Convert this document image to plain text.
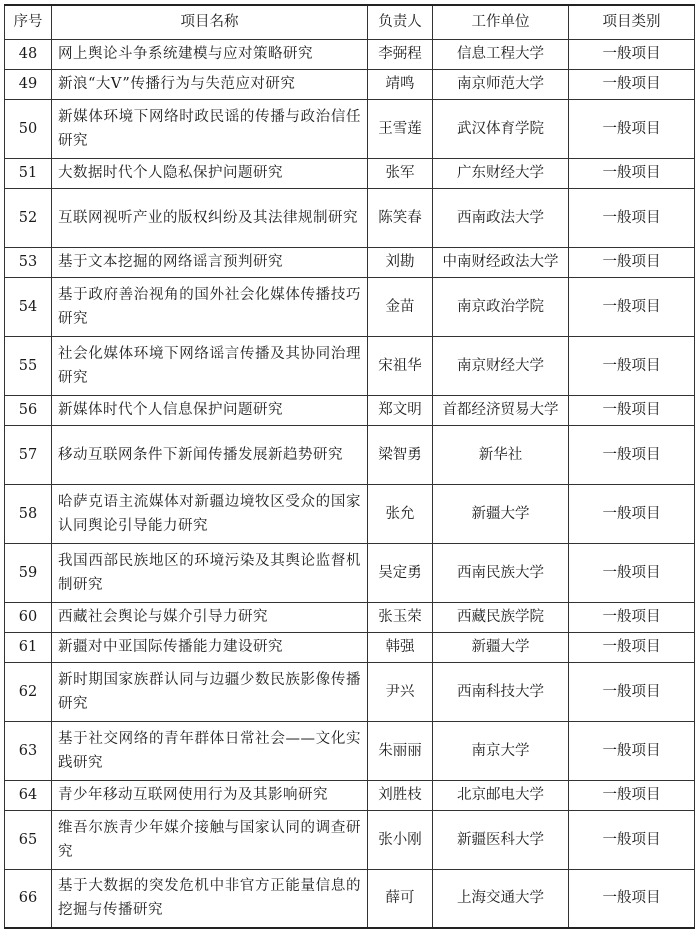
序号	项目名称	负责人	工作单位	项目类别
48	网上舆论斗争系统建模与应对策略研究	李弼程	信息工程大学	一般项目
49	新浪“大V”传播行为与失范应对研究	靖鸣	南京师范大学	一般项目
50	新媒体环境下网络时政民谣的传播与政治信任研究	王雪莲	武汉体育学院	一般项目
51	大数据时代个人隐私保护问题研究	张军	广东财经大学	一般项目
52	互联网视听产业的版权纠纷及其法律规制研究	陈笑春	西南政法大学	一般项目
53	基于文本挖掘的网络谣言预判研究	刘勘	中南财经政法大学	一般项目
54	基于政府善治视角的国外社会化媒体传播技巧研究	金苗	南京政治学院	一般项目
55	社会化媒体环境下网络谣言传播及其协同治理研究	宋祖华	南京财经大学	一般项目
56	新媒体时代个人信息保护问题研究	郑文明	首都经济贸易大学	一般项目
57	移动互联网条件下新闻传播发展新趋势研究	梁智勇	新华社	一般项目
58	哈萨克语主流媒体对新疆边境牧区受众的国家认同舆论引导能力研究	张允	新疆大学	一般项目
59	我国西部民族地区的环境污染及其舆论监督机制研究	吴定勇	西南民族大学	一般项目
60	西藏社会舆论与媒介引导力研究	张玉荣	西藏民族学院	一般项目
61	新疆对中亚国际传播能力建设研究	韩强	新疆大学	一般项目
62	新时期国家族群认同与边疆少数民族影像传播研究	尹兴	西南科技大学	一般项目
63	基于社交网络的青年群体日常社会——文化实践研究	朱丽丽	南京大学	一般项目
64	青少年移动互联网使用行为及其影响研究	刘胜枝	北京邮电大学	一般项目
65	维吾尔族青少年媒介接触与国家认同的调查研究	张小刚	新疆医科大学	一般项目
66	基于大数据的突发危机中非官方正能量信息的挖掘与传播研究	薛可	上海交通大学	一般项目
